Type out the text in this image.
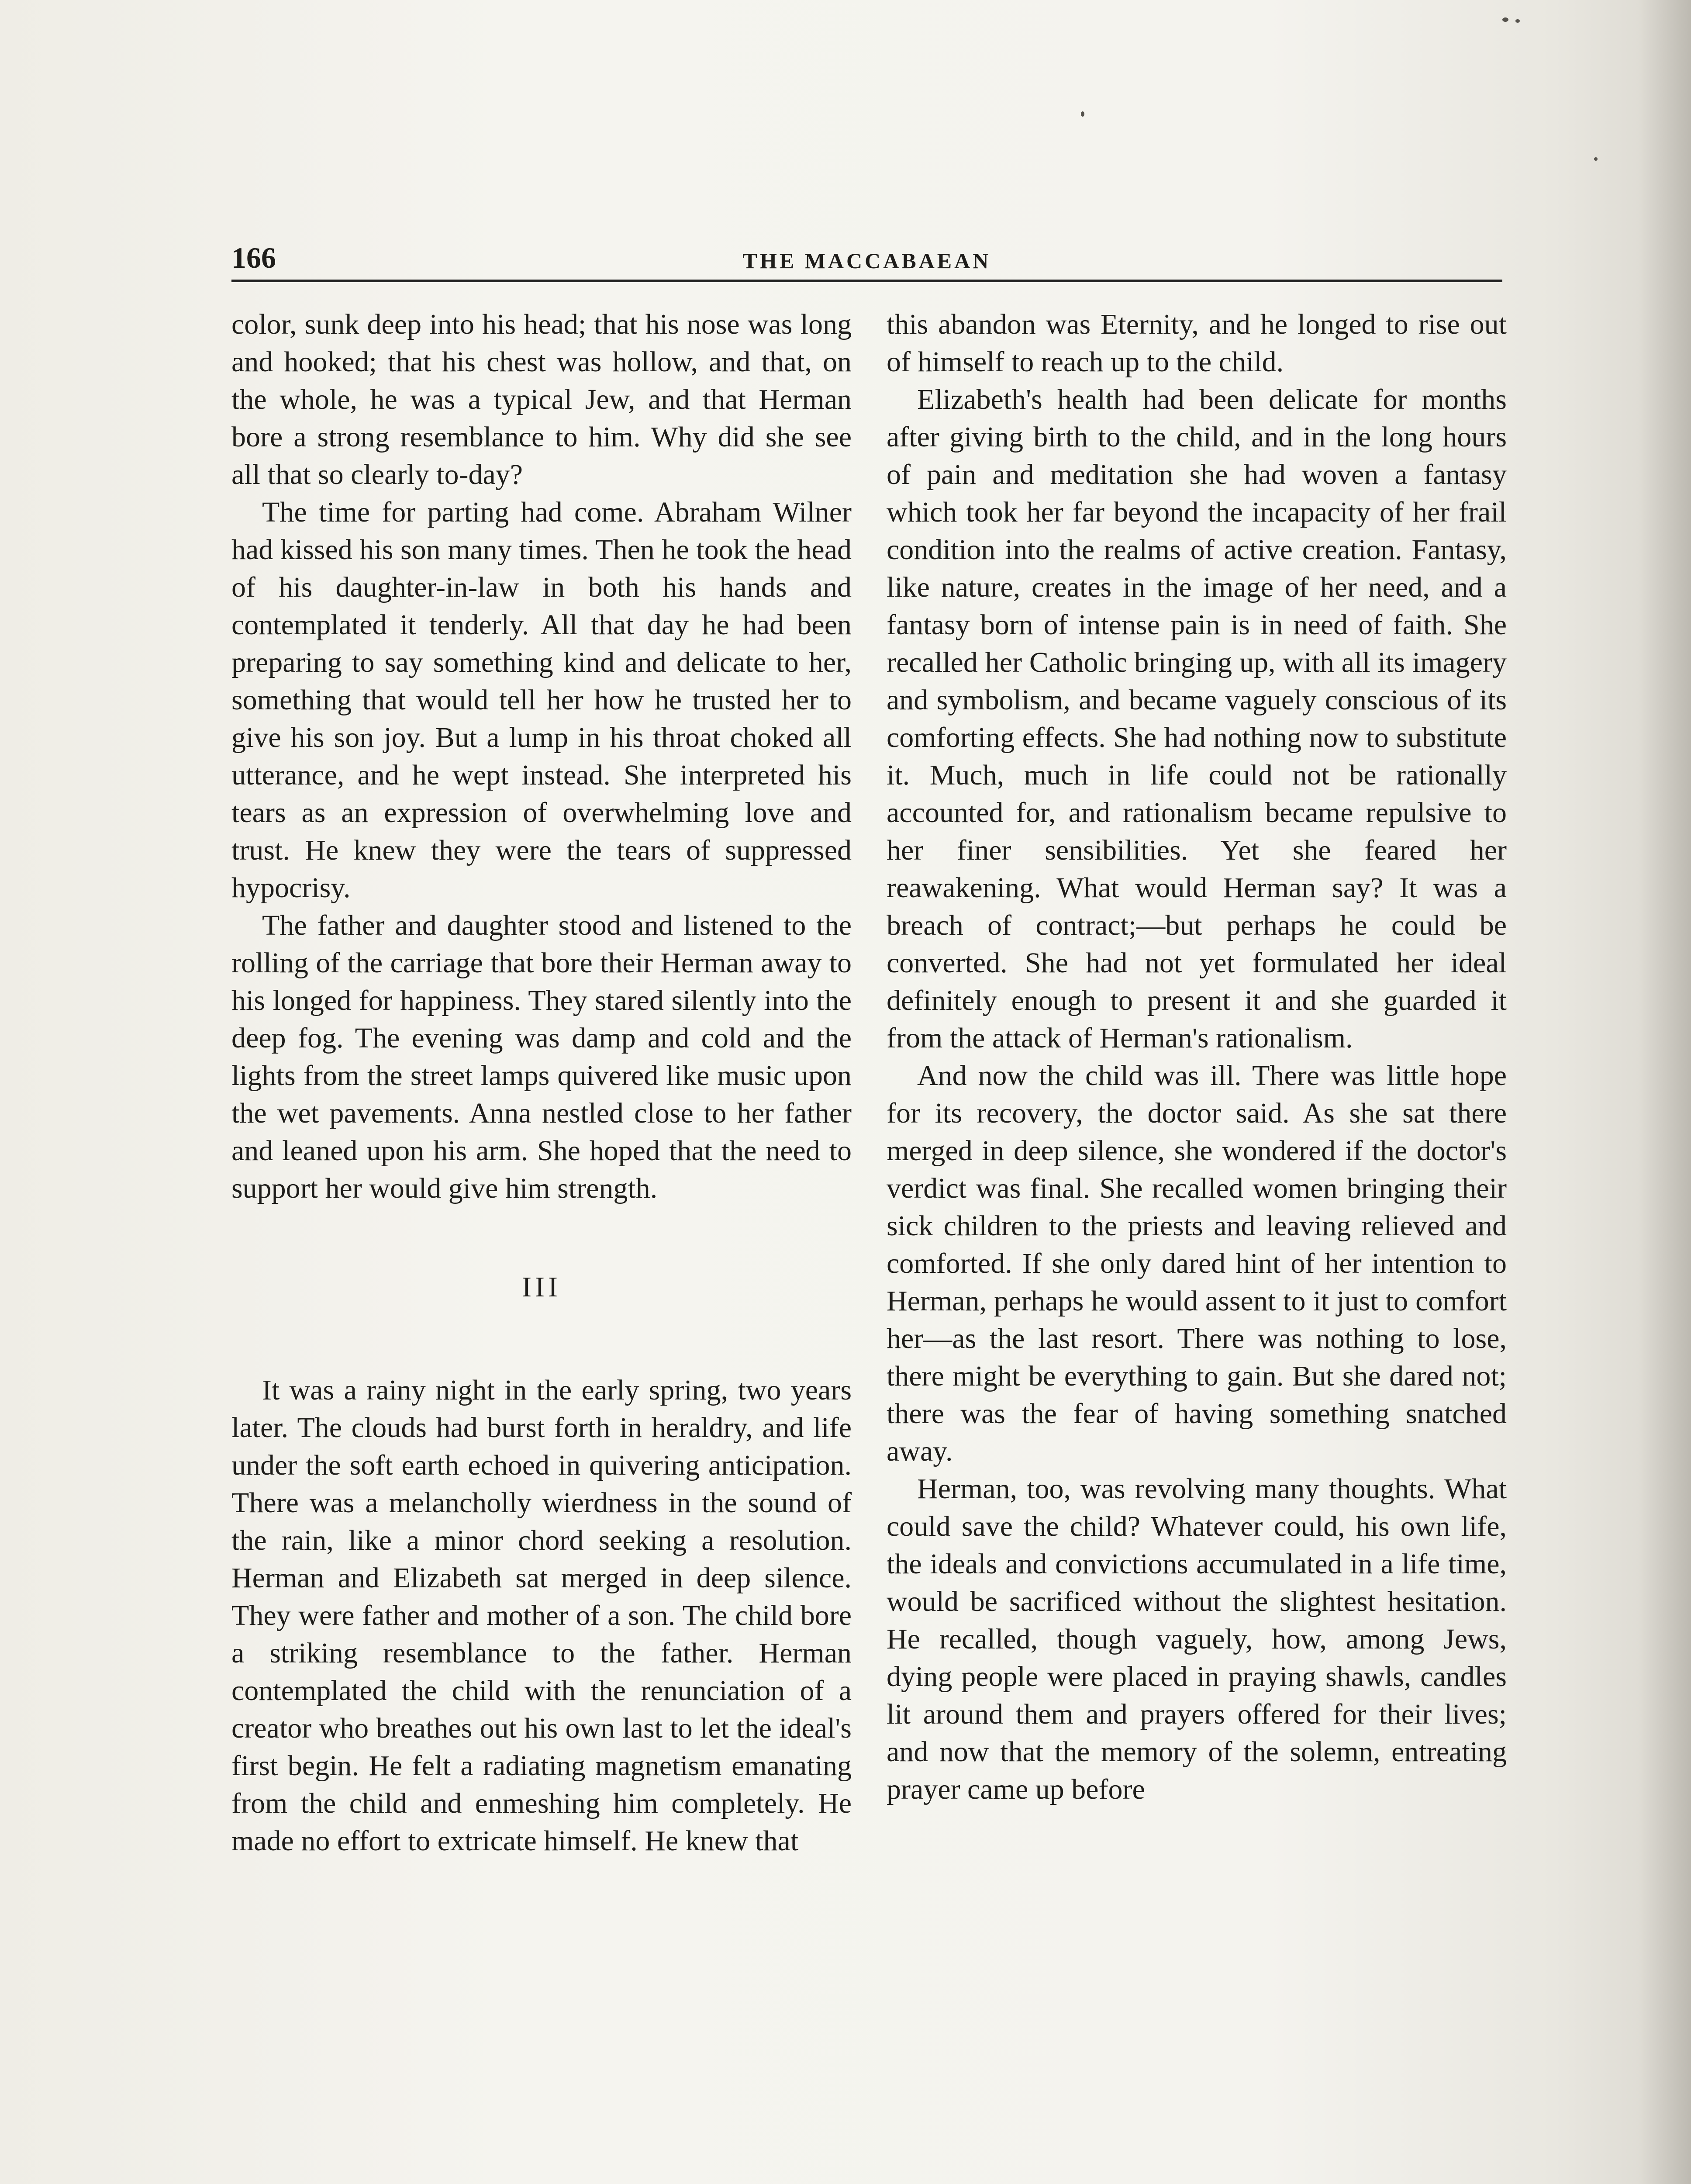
166	THE MACCABAEAN

color, sunk deep into his head; that his nose was long and hooked; that his chest was hollow, and that, on the whole, he was a typical Jew, and that Herman bore a strong resemblance to him. Why did she see all that so clearly to-day?

The time for parting had come. Abraham Wilner had kissed his son many times. Then he took the head of his daughter-in-law in both his hands and contemplated it tenderly. All that day he had been preparing to say something kind and delicate to her, something that would tell her how he trusted her to give his son joy. But a lump in his throat choked all utterance, and he wept instead. She interpreted his tears as an expression of overwhelming love and trust. He knew they were the tears of suppressed hypocrisy.

The father and daughter stood and listened to the rolling of the carriage that bore their Herman away to his longed for happiness. They stared silently into the deep fog. The evening was damp and cold and the lights from the street lamps quivered like music upon the wet pavements. Anna nestled close to her father and leaned upon his arm. She hoped that the need to support her would give him strength.

III

It was a rainy night in the early spring, two years later. The clouds had burst forth in heraldry, and life under the soft earth echoed in quivering anticipation. There was a melancholly wierdness in the sound of the rain, like a minor chord seeking a resolution. Herman and Elizabeth sat merged in deep silence. They were father and mother of a son. The child bore a striking resemblance to the father. Herman contemplated the child with the renunciation of a creator who breathes out his own last to let the ideal's first begin. He felt a radiating magnetism emanating from the child and enmeshing him completely. He made no effort to extricate himself. He knew that

this abandon was Eternity, and he longed to rise out of himself to reach up to the child.

Elizabeth's health had been delicate for months after giving birth to the child, and in the long hours of pain and meditation she had woven a fantasy which took her far beyond the incapacity of her frail condition into the realms of active creation. Fantasy, like nature, creates in the image of her need, and a fantasy born of intense pain is in need of faith. She recalled her Catholic bringing up, with all its imagery and symbolism, and became vaguely conscious of its comforting effects. She had nothing now to substitute it. Much, much in life could not be rationally accounted for, and rationalism became repulsive to her finer sensibilities. Yet she feared her reawakening. What would Herman say? It was a breach of contract;—but perhaps he could be converted. She had not yet formulated her ideal definitely enough to present it and she guarded it from the attack of Herman's rationalism.

And now the child was ill. There was little hope for its recovery, the doctor said. As she sat there merged in deep silence, she wondered if the doctor's verdict was final. She recalled women bringing their sick children to the priests and leaving relieved and comforted. If she only dared hint of her intention to Herman, perhaps he would assent to it just to comfort her—as the last resort. There was nothing to lose, there might be everything to gain. But she dared not; there was the fear of having something snatched away.

Herman, too, was revolving many thoughts. What could save the child? Whatever could, his own life, the ideals and convictions accumulated in a life time, would be sacrificed without the slightest hesitation. He recalled, though vaguely, how, among Jews, dying people were placed in praying shawls, candles lit around them and prayers offered for their lives; and now that the memory of the solemn, entreating prayer came up before
